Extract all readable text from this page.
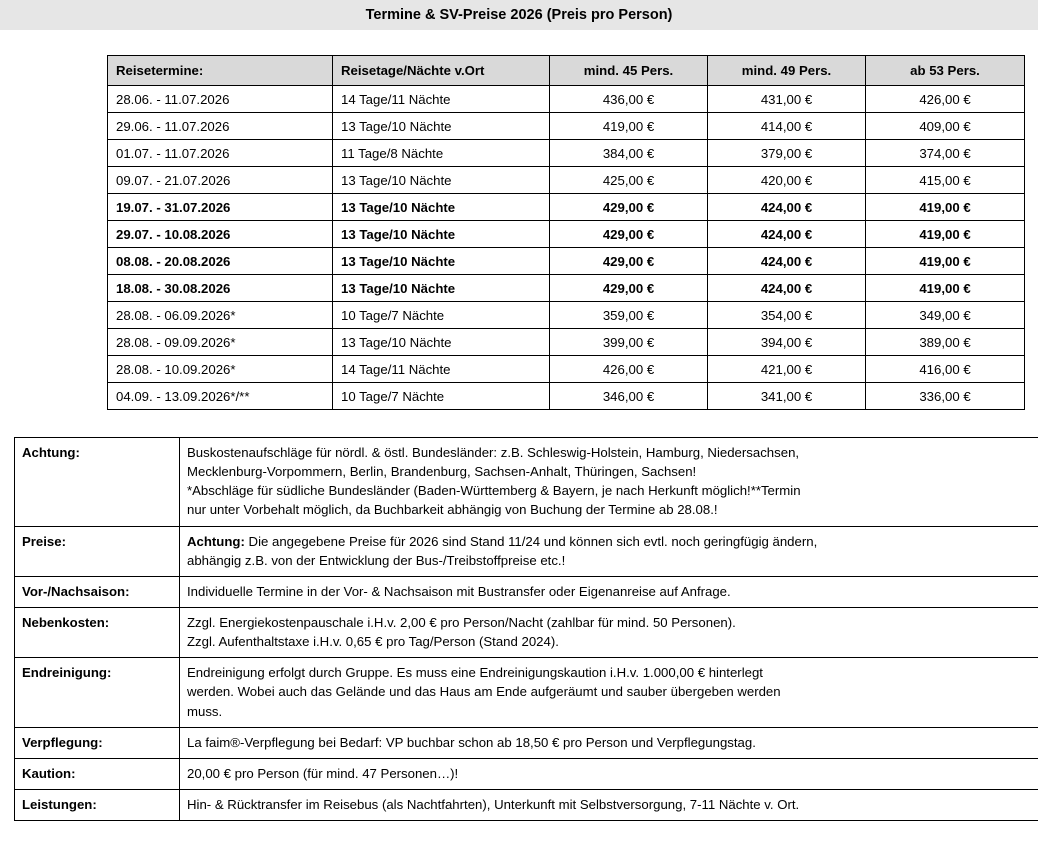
Termine & SV-Preise 2026 (Preis pro Person)
Reisetermine:	Reisetage/Nächte v.Ort	mind. 45 Pers.	mind. 49 Pers.	ab 53 Pers.
28.06. - 11.07.2026	14 Tage/11 Nächte	436,00 €	431,00 €	426,00 €
29.06. - 11.07.2026	13 Tage/10 Nächte	419,00 €	414,00 €	409,00 €
01.07. - 11.07.2026	11 Tage/8 Nächte	384,00 €	379,00 €	374,00 €
09.07. - 21.07.2026	13 Tage/10 Nächte	425,00 €	420,00 €	415,00 €
19.07. - 31.07.2026	13 Tage/10 Nächte	429,00 €	424,00 €	419,00 €
29.07. - 10.08.2026	13 Tage/10 Nächte	429,00 €	424,00 €	419,00 €
08.08. - 20.08.2026	13 Tage/10 Nächte	429,00 €	424,00 €	419,00 €
18.08. - 30.08.2026	13 Tage/10 Nächte	429,00 €	424,00 €	419,00 €
28.08. - 06.09.2026*	10 Tage/7 Nächte	359,00 €	354,00 €	349,00 €
28.08. - 09.09.2026*	13 Tage/10 Nächte	399,00 €	394,00 €	389,00 €
28.08. - 10.09.2026*	14 Tage/11 Nächte	426,00 €	421,00 €	416,00 €
04.09. - 13.09.2026*/**	10 Tage/7 Nächte	346,00 €	341,00 €	336,00 €
Achtung:	Buskostenaufschläge für nördl. & östl. Bundesländer: z.B. Schleswig-Holstein, Hamburg, Niedersachsen,
Mecklenburg-Vorpommern, Berlin, Brandenburg, Sachsen-Anhalt, Thüringen, Sachsen!
*Abschläge für südliche Bundesländer (Baden-Württemberg & Bayern, je nach Herkunft möglich!**Termin
nur unter Vorbehalt möglich, da Buchbarkeit abhängig von Buchung der Termine ab 28.08.!

Preise:	Achtung: Die angegebene Preise für 2026 sind Stand 11/24 und können sich evtl. noch geringfügig ändern,
abhängig z.B. von der Entwicklung der Bus-/Treibstoffpreise etc.!

Vor-/Nachsaison:	Individuelle Termine in der Vor- & Nachsaison mit Bustransfer oder Eigenanreise auf Anfrage.

Nebenkosten:	Zzgl. Energiekostenpauschale i.H.v. 2,00 € pro Person/Nacht (zahlbar für mind. 50 Personen).
Zzgl. Aufenthaltstaxe i.H.v. 0,65 € pro Tag/Person (Stand 2024).

Endreinigung:	Endreinigung erfolgt durch Gruppe. Es muss eine Endreinigungskaution i.H.v. 1.000,00 € hinterlegt
werden. Wobei auch das Gelände und das Haus am Ende aufgeräumt und sauber übergeben werden
muss.

Verpflegung:	La faim®-Verpflegung bei Bedarf: VP buchbar schon ab 18,50 € pro Person und Verpflegungstag.

Kaution:	20,00 € pro Person (für mind. 47 Personen…)!

Leistungen:	Hin- & Rücktransfer im Reisebus (als Nachtfahrten), Unterkunft mit Selbstversorgung, 7-11 Nächte v. Ort.
